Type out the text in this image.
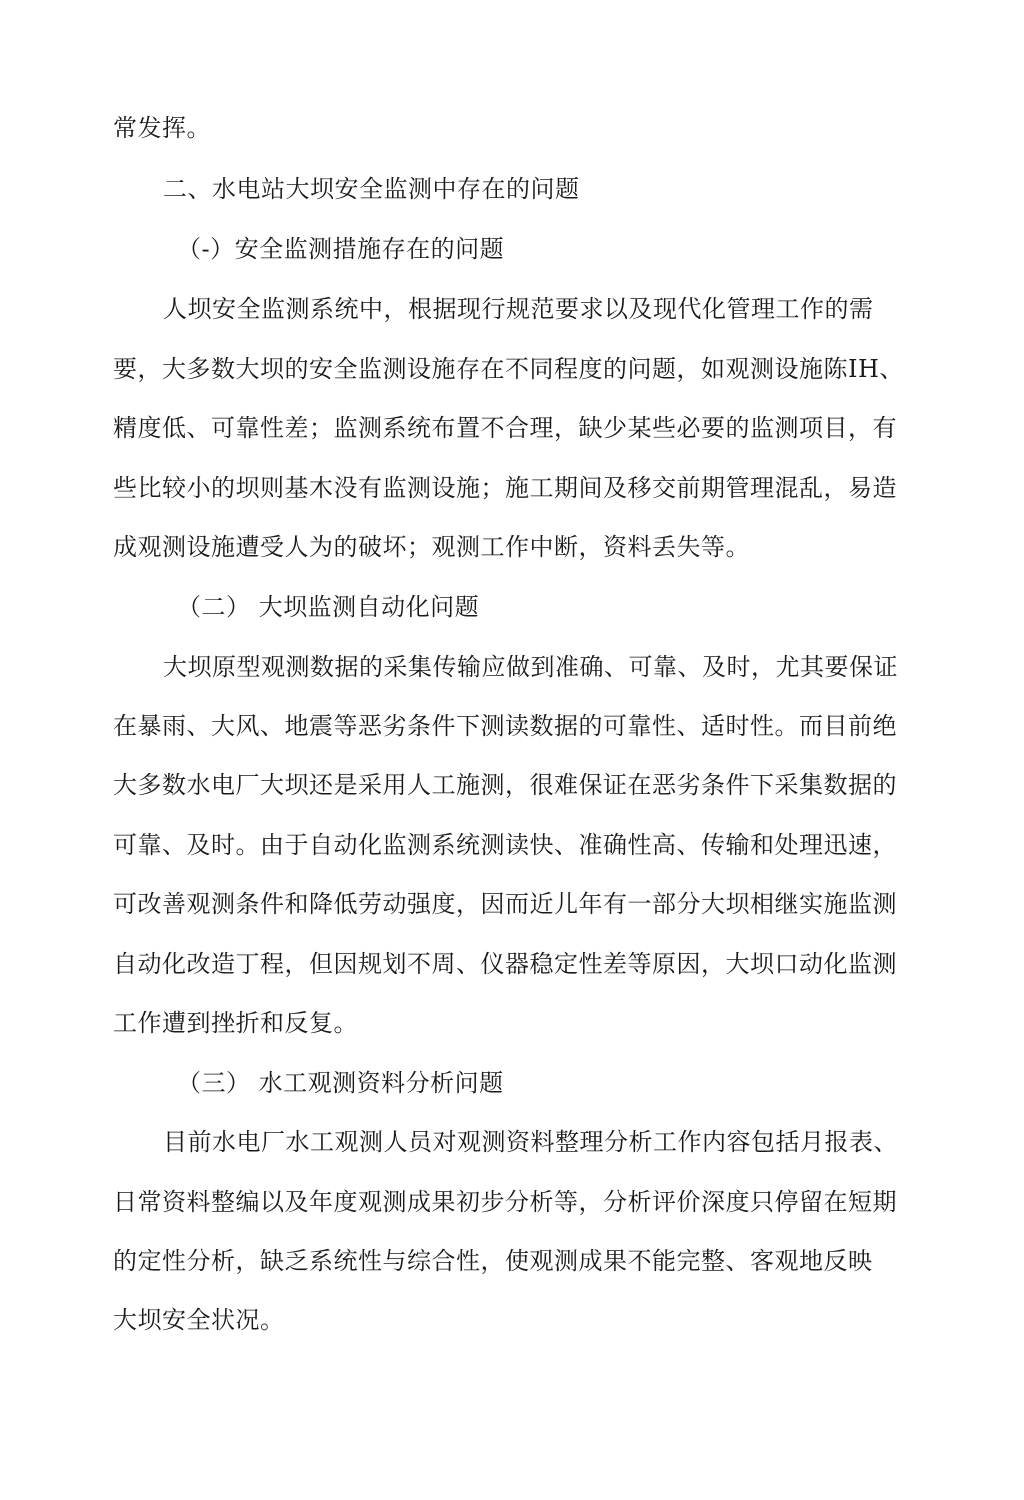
常发挥。
二、水电站大坝安全监测中存在的问题
（-）安全监测措施存在的问题
人坝安全监测系统中，根据现行规范要求以及现代化管理工作的需
要，大多数大坝的安全监测设施存在不同程度的问题，如观测设施陈IH、
精度低、可靠性差；监测系统布置不合理，缺少某些必要的监测项目，有
些比较小的坝则基木没有监测设施；施工期间及移交前期管理混乱，易造
成观测设施遭受人为的破坏；观测工作中断，资料丢失等。
（二） 大坝监测自动化问题
大坝原型观测数据的采集传输应做到准确、可靠、及时，尤其要保证
在暴雨、大风、地震等恶劣条件下测读数据的可靠性、适时性。而目前绝
大多数水电厂大坝还是采用人工施测，很难保证在恶劣条件下采集数据的
可靠、及时。由于自动化监测系统测读快、准确性高、传输和处理迅速，
可改善观测条件和降低劳动强度，因而近儿年有一部分大坝相继实施监测
自动化改造丁程，但因规划不周、仪器稳定性差等原因，大坝口动化监测
工作遭到挫折和反复。
（三） 水工观测资料分析问题
目前水电厂水工观测人员对观测资料整理分析工作内容包括月报表、
日常资料整编以及年度观测成果初步分析等，分析评价深度只停留在短期
的定性分析，缺乏系统性与综合性，使观测成果不能完整、客观地反映
大坝安全状况。
